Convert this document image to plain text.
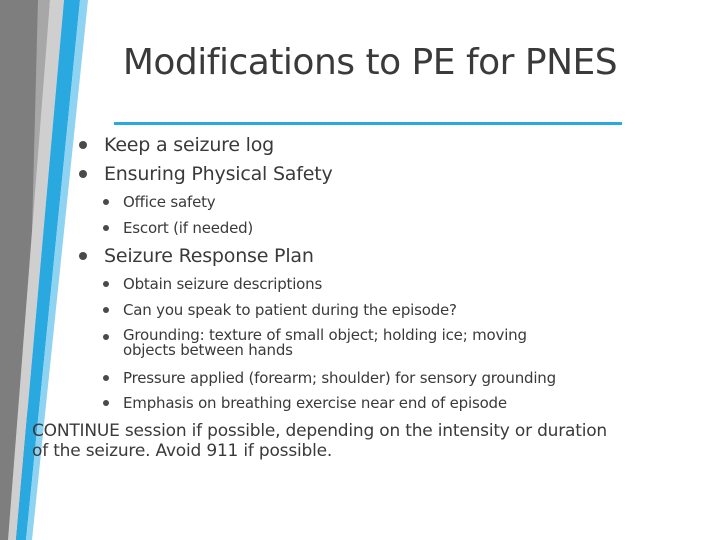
Modifications to PE for PNES
Keep a seizure log
Ensuring Physical Safety
Office safety
Escort (if needed)
Seizure Response Plan
Obtain seizure descriptions
Can you speak to patient during the episode?
Grounding: texture of small object; holding ice; moving objects between hands
Pressure applied (forearm; shoulder) for sensory grounding
Emphasis on breathing exercise near end of episode
CONTINUE session if possible, depending on the intensity or duration of the seizure. Avoid 911 if possible.
